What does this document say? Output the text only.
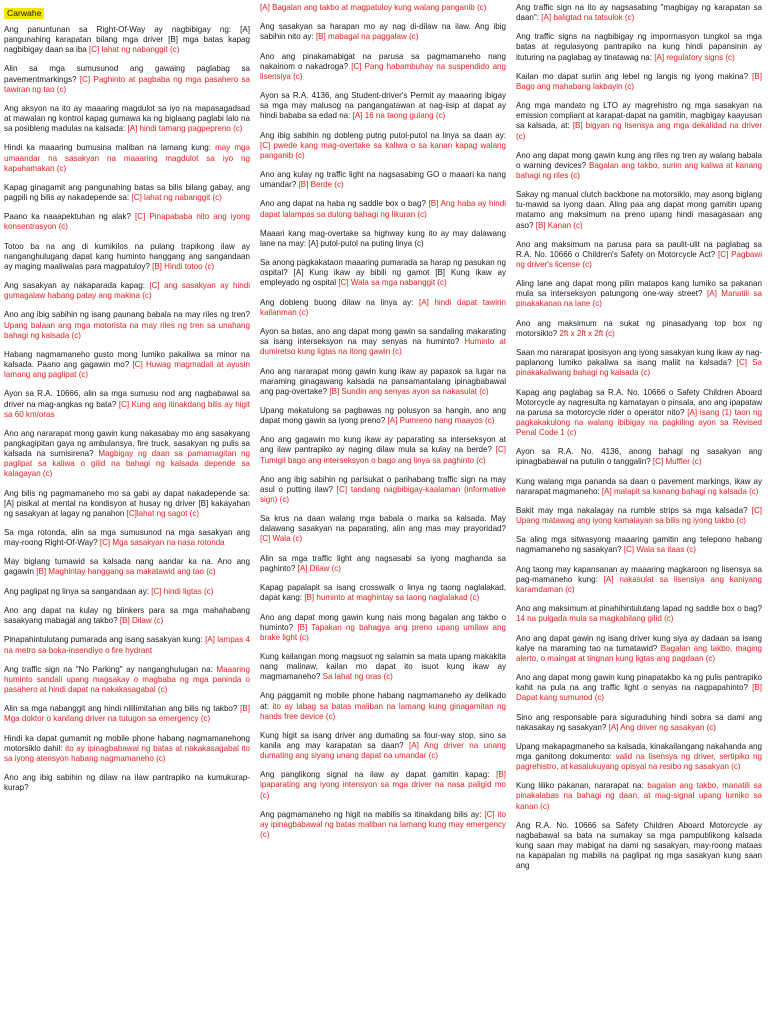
Carwahe

Ang panuntunan sa Right-Of-Way ay nagbibigay ng: [A] pangunahing karapatan bilang mga driver [B] mga batas kapag nagbibigay daan sa iba [C] lahat ng nabanggit (c)

Alin sa mga sumusunod ang gawaing paglabag sa pavementmarkings? [C] Paghinto at pagbaba ng mga pasahero sa tawiran ng tao (c)

Ang aksyon na ito ay maaaring magdulot sa iyo na mapasagadsad at mawalan ng kontrol kapag gumawa ka ng biglaang paglabi lalo na sa posibleng madulas na kalsada: [A] hindi tamang pagpepreno (c)

Hindi ka maaaring bumusina maliban na lamang kung: may mga umaandar na sasakyan na maaaring magdulot sa iyo ng kapahamakan (c)

Kapag ginagamit ang pangunahing batas sa bilis bilang gabay, ang pagpili ng bilis ay nakadepende sa: [C] lahat ng nabanggit (c)

Paano ka naaapektuhan ng alak? [C] Pinapababa nito ang iyong konsentrasyon (c)

Totoo ba na ang di kumikilos na pulang trapikong ilaw ay nanganghulugang dapat kang huminto hanggang ang sangandaan ay maging maaliwalas para magpatuloy? [B] Hindi totoo (c)

Ang sasakyan ay nakaparada kapag: [C] ang sasakyan ay hindi gumagalaw habang patay ang makina (c)

Ano ang ibig sabihin ng isang paunang babala na may riles ng tren? Upang balaan ang mga motorista na may riles ng tren sa unahang bahagi ng kalsada (c)

Habang nagmamaneho gusto mong lumiko pakaliwa sa minor na kalsada. Paano ang gagawin mo? [C] Huwag magmadali at ayusin lamang ang paglipat (c)

Ayon sa R.A. 10666, alin sa mga sumusu nod ang nagbabawal sa driver na mag-angkas ng bata? [C] Kung ang itinakdang bilis ay higit sa 60 km/oras

Ano ang nararapat mong gawin kung nakasabay mo ang sasakyang pangkagipitan gaya ng ambulansya, fire truck, sasakyan ng pulis sa kalsada na sumisirena? Magbigay ng daan sa pamamagitan ng paglipat sa kaliwa o gilid na bahagi ng kalsada depende sa kalagayan (c)

Ang bilis ng pagmamaneho mo sa gabi ay dapat nakadepende sa: [A] pisikal at mental na kondisyon at husay ng driver [B] kakayahan ng sasakyan at lagay ng panahon [C]lahat ng sagot (c)

Sa mga rotonda, alin sa mga sumusunod na mga sasakyan ang may-roong Right-Of-Way? [C] Mga sasakyan na nasa rotonda

May biglang tumawid sa kalsada nang aandar ka na. Ano ang gagawin [B] Maghintay hanggang sa makatawid ang tao (c)

Ang paglipat ng linya sa sangandaan ay: [C] hindi ligtas (c)

Ano ang dapat na kulay ng blinkers para sa mga mahahabang sasakyang mabagal ang takbo? [B] Dilaw (c)

Pinapahintulutang pumarada ang isang sasakyan kung: [A] lampas 4 na metro sa boka-insendiyo o fire hydrant

Ang traffic sign na "No Parking" ay nanganghulugan na: Maaaring huminto sandali upang magsakay o magbaba ng mga paninda o pasahero at hindi dapat na nakakasagabal (c)

Alin sa mga nabanggit ang hindi nililimitahan ang bilis ng takbo? [B] Mga doktor o kanilang driver na tutugon sa emergency (c)

Hindi ka dapat gumamit ng mobile phone habang nagmamanehong motorsiklo dahil: ito ay ipinagbabawal ng batas at nakakasagabal ito sa iyong atensyon habang nagmamaneho (c)

Ano ang ibig sabihin ng dilaw na ilaw pantrapiko na kumukurap-kurap?

[A] Bagalan ang takbo at magpatuloy kung walang panganib (c)

Ang sasakyan sa harapan mo ay nag di-dilaw na ilaw. Ang ibig sabihin nito ay: [B] mabagal na paggalaw (c)

Ano ang pinakamabigat na parusa sa pagmamaneho nang nakainom o nakadroga? [C] Pang habambuhay na suspendido ang lisensiya (c)

Ayon sa R.A. 4136, ang Student-driver's Permit ay maaaring ibigay sa mga may malusog na pangangatawan at nag-iisip at dapat ay hindi bababa sa edad na: [A] 16 na taong gulang (c)

Ang ibig sabihin ng dobleng putng putol-putol na linya sa daan ay: [C] pwede kang mag-overtake sa kaliwa o sa kanan kapag walang panganib (c)

Ano ang kulay ng traffic light na nagsasabing GO o maaari ka nang umandar? [B] Berde (c)

Ano ang dapat na haba ng saddle box o bag? [B] Ang haba ay hindi dapat lalampas sa dulong bahagi ng likuran (c)

Maaari kang mag-overtake sa highway kung ito ay may dalawang lane na may: [A] putol-putol na puting linya (c)

Sa anong pagkakataon maaaring pumarada sa harap ng pasukan ng ospital? [A] Kung ikaw ay bibili ng gamot [B] Kung ikaw ay empleyado ng ospital [C] Wala sa mga nabanggit (c)

Ang dobleng buong dilaw na linya ay: [A] hindi dapat tawirin kailanman (c)

Ayon sa batas, ano ang dapat mong gawin sa sandaling makarating sa isang interseksyon na may senyas na huminto? Huminto at dumiretso kung ligtas na itong gawin (c)

Ano ang nararapat mong gawin kung ikaw ay papasok sa lugar na maraming ginagawang kalsada na pansamantalang ipinagbabawal ang pag-overtake? [B] Sundin ang senyas ayon sa nakasulat (c)

Upang makatulong sa pagbawas ng polusyon sa hangin, ano ang dapat mong gawin sa iyong preno? [A] Pumreno nang maayos (c)

Ano ang gagawin mo kung ikaw ay paparating sa interseksyon at ang ilaw pantrapiko ay naging dilaw mula sa kulay na berde? [C] Tumigil bago ang interseksyon o bago ang linya sa paghinto (c)

Ano ang ibig sabihin ng parisukat o parihabang traffic sign na may asul o putting ilaw? [C] tandang nagbibigay-kaalaman (informative sign) (c)

Sa krus na daan walang mga babala o marka sa kalsada. May dalawang sasakyan na paparating, alin ang mas may prayoridad? [C] Wala (c)

Alin sa mga traffic light ang nagsasabi sa iyong maghanda sa paghinto? [A] Dilaw (c)

Kapag papalapit sa isang crosswalk o linya ng taong naglalakad, dapat kang: [B] huminto at maghintay sa taong naglalakad (c)

Ano ang dapat mong gawin kung nais mong bagalan ang takbo o huminto? [B] Tapakan ng bahagya ang preno upang umilaw ang brake light (c)

Kung kailangan mong magsuot ng salamin sa mata upang makakita nang malinaw, kailan mo dapat ito isuot kung ikaw ay magmamaneho? Sa lahat ng oras (c)

Ang paggamit ng mobile phone habang nagmamaneho ay delikado at: ito ay labag sa batas maliban na lamang kung ginagamitan ng hands free device (c)

Kung higit sa isang driver ang dumating sa four-way stop, sino sa kanila ang may karapatan sa daan? [A] Ang driver na unang dumating ang siyang unang dapat na umandar (c)

Ang panglikong signal na ilaw ay dapat gamitin kapag: [B] ipaparating ang iyong intensyon sa mga driver na nasa paligid mo (c)

Ang pagmamaneho ng higit na mabilis sa itinakdang bilis ay: [C] ito ay ipinagbabawal ng batas maliban na lamang kung may emergency (c)

Ang traffic sign na ito ay nagsasabing "magbigay ng karapatan sa daan": [A] baligtad na tatsulok (c)

Ang traffic signs na nagbibigay ng impormasyon tungkol sa mga batas at regulasyong pantrapiko na kung hindi papansinin ay ituturing na paglabag ay tinatawag na: [A] regulatory signs (c)

Kailan mo dapat suriin ang lebel ng langis ng iyong makina? [B] Bago ang mahabang lakbayin (c)

Ang mga mandato ng LTO ay magrehistro ng mga sasakyan na emission compliant at karapat-dapat na gamitin, magbigay kaayusan sa kalsada, at: [B] bigyan ng lisensya ang mga dekalidad na driver (c)

Ano ang dapat mong gawin kung ang riles ng tren ay walang babala o warning devices? Bagalan ang takbo, suriin ang kaliwa at kanang bahagi ng riles (c)

Sakay ng manual clutch backbone na motorsiklo, may asong biglang tu-mawid sa iyong daan. Aling paa ang dapat mong gamitin upang matamo ang maksimum na preno upang hindi masagasaan ang aso? [B] Kanan (c)

Ano ang maksimum na parusa para sa paulit-ulit na paglabag sa R.A. No. 10666 o Children's Safety on Motorcycle Act? [C] Pagbawi ng driver's license (c)

Aling lane ang dapat mong pilin matapos kang lumiko sa pakanan mula sa interseksyon patungong one-way street? [A] Manatili sa pinakakanan na lane (c)

Ano ang maksimum na sukat ng pinasadyang top box ng motorsiklo? 2ft x 2ft x 2ft (c)

Saan mo nararapat iposisyon ang iyong sasakyan kung ikaw ay nag-paplanong lumiko pakaliwa sa isang maliit na kalsada? [C] Sa pinakakaliwang bahagi ng kalsada (c)

Kapag ang paglabag sa R.A. No. 10666 o Safety Children Aboard Motorcycle ay nagresulta ng kamatayan o pinsala, ano ang ipapataw na parusa sa motorcycle rider o operator nito? [A] isang (1) taon ng pagkakakulong na walang ibibigay na pagkiling ayon sa Revised Penal Code 1 (c)

Ayon sa R.A. No. 4136, anong bahagi ng sasakyan ang ipinagbabawal na putulin o tanggalin? [C] Muffler (c)

Kung walang mga pananda sa daan o pavement markings, ikaw ay nararapat magmaneho: [A] malapit sa kanang bahagi ng kalsada (c)

Bakit may mga nakalagay na rumble strips sa mga kalsada? [C] Upang matawag ang iyong kamalayan sa bilis ng iyong takbo (c)

Sa aling mga sitwasyong maaaring gamitin ang telepono habang nagmamaneho ng sasakyan? [C] Wala sa itaas (c)

Ang taong may kapansanan ay maaaring magkaroon ng lisensya sa pag-mamaneho kung: [A] nakasulat sa lisensiya ang kaniyang karamdaman (c)

Ano ang maksimum at pinahihintulutang lapad ng saddle box o bag? 14 na pulgada mula sa magkabilang gilid (c)

Ano ang dapat gawin ng isang driver kung siya ay dadaan sa isang kalye na maraming tao na tumatawid? Bagalan ang takbo, maging alerto, o maingat at tingnan kung ligtas ang pagdaan (c)

Ano ang dapat mong gawin kung pinapatakbo ka ng pulis pantrapiko kahit na pula na ang traffic light o senyas na nagpapahinto? [B] Dapat kang sumunod (c)

Sino ang responsable para siguraduhing hindi sobra sa dami ang nakasakay ng sasakyan? [A] Ang driver ng sasakyan (c)

Upang makapagmaneho sa kalsada, kinakailangang nakahanda ang mga ganitong dokumento: valid na lisensya ng driver, sertipiko ng pagrehistro, at kasalukuyang opisyal na resibo ng sasakyan (c)

Kung liliko pakanan, nararapat na: bagalan ang takbo, manatili sa pinakalabas na bahagi ng daan, at mag-signal upang lumiko sa kanan (c)

Ang R.A. No. 10666 sa Safety Children Aboard Motorcycle ay nagbabawal sa bata na sumakay sa mga pampublikong kalsada kung saan may mabigat na dami ng sasakyan, may-roong mataas na kapapalan ng mabilis na paglipat ng mga sasakyan kung saan ang
